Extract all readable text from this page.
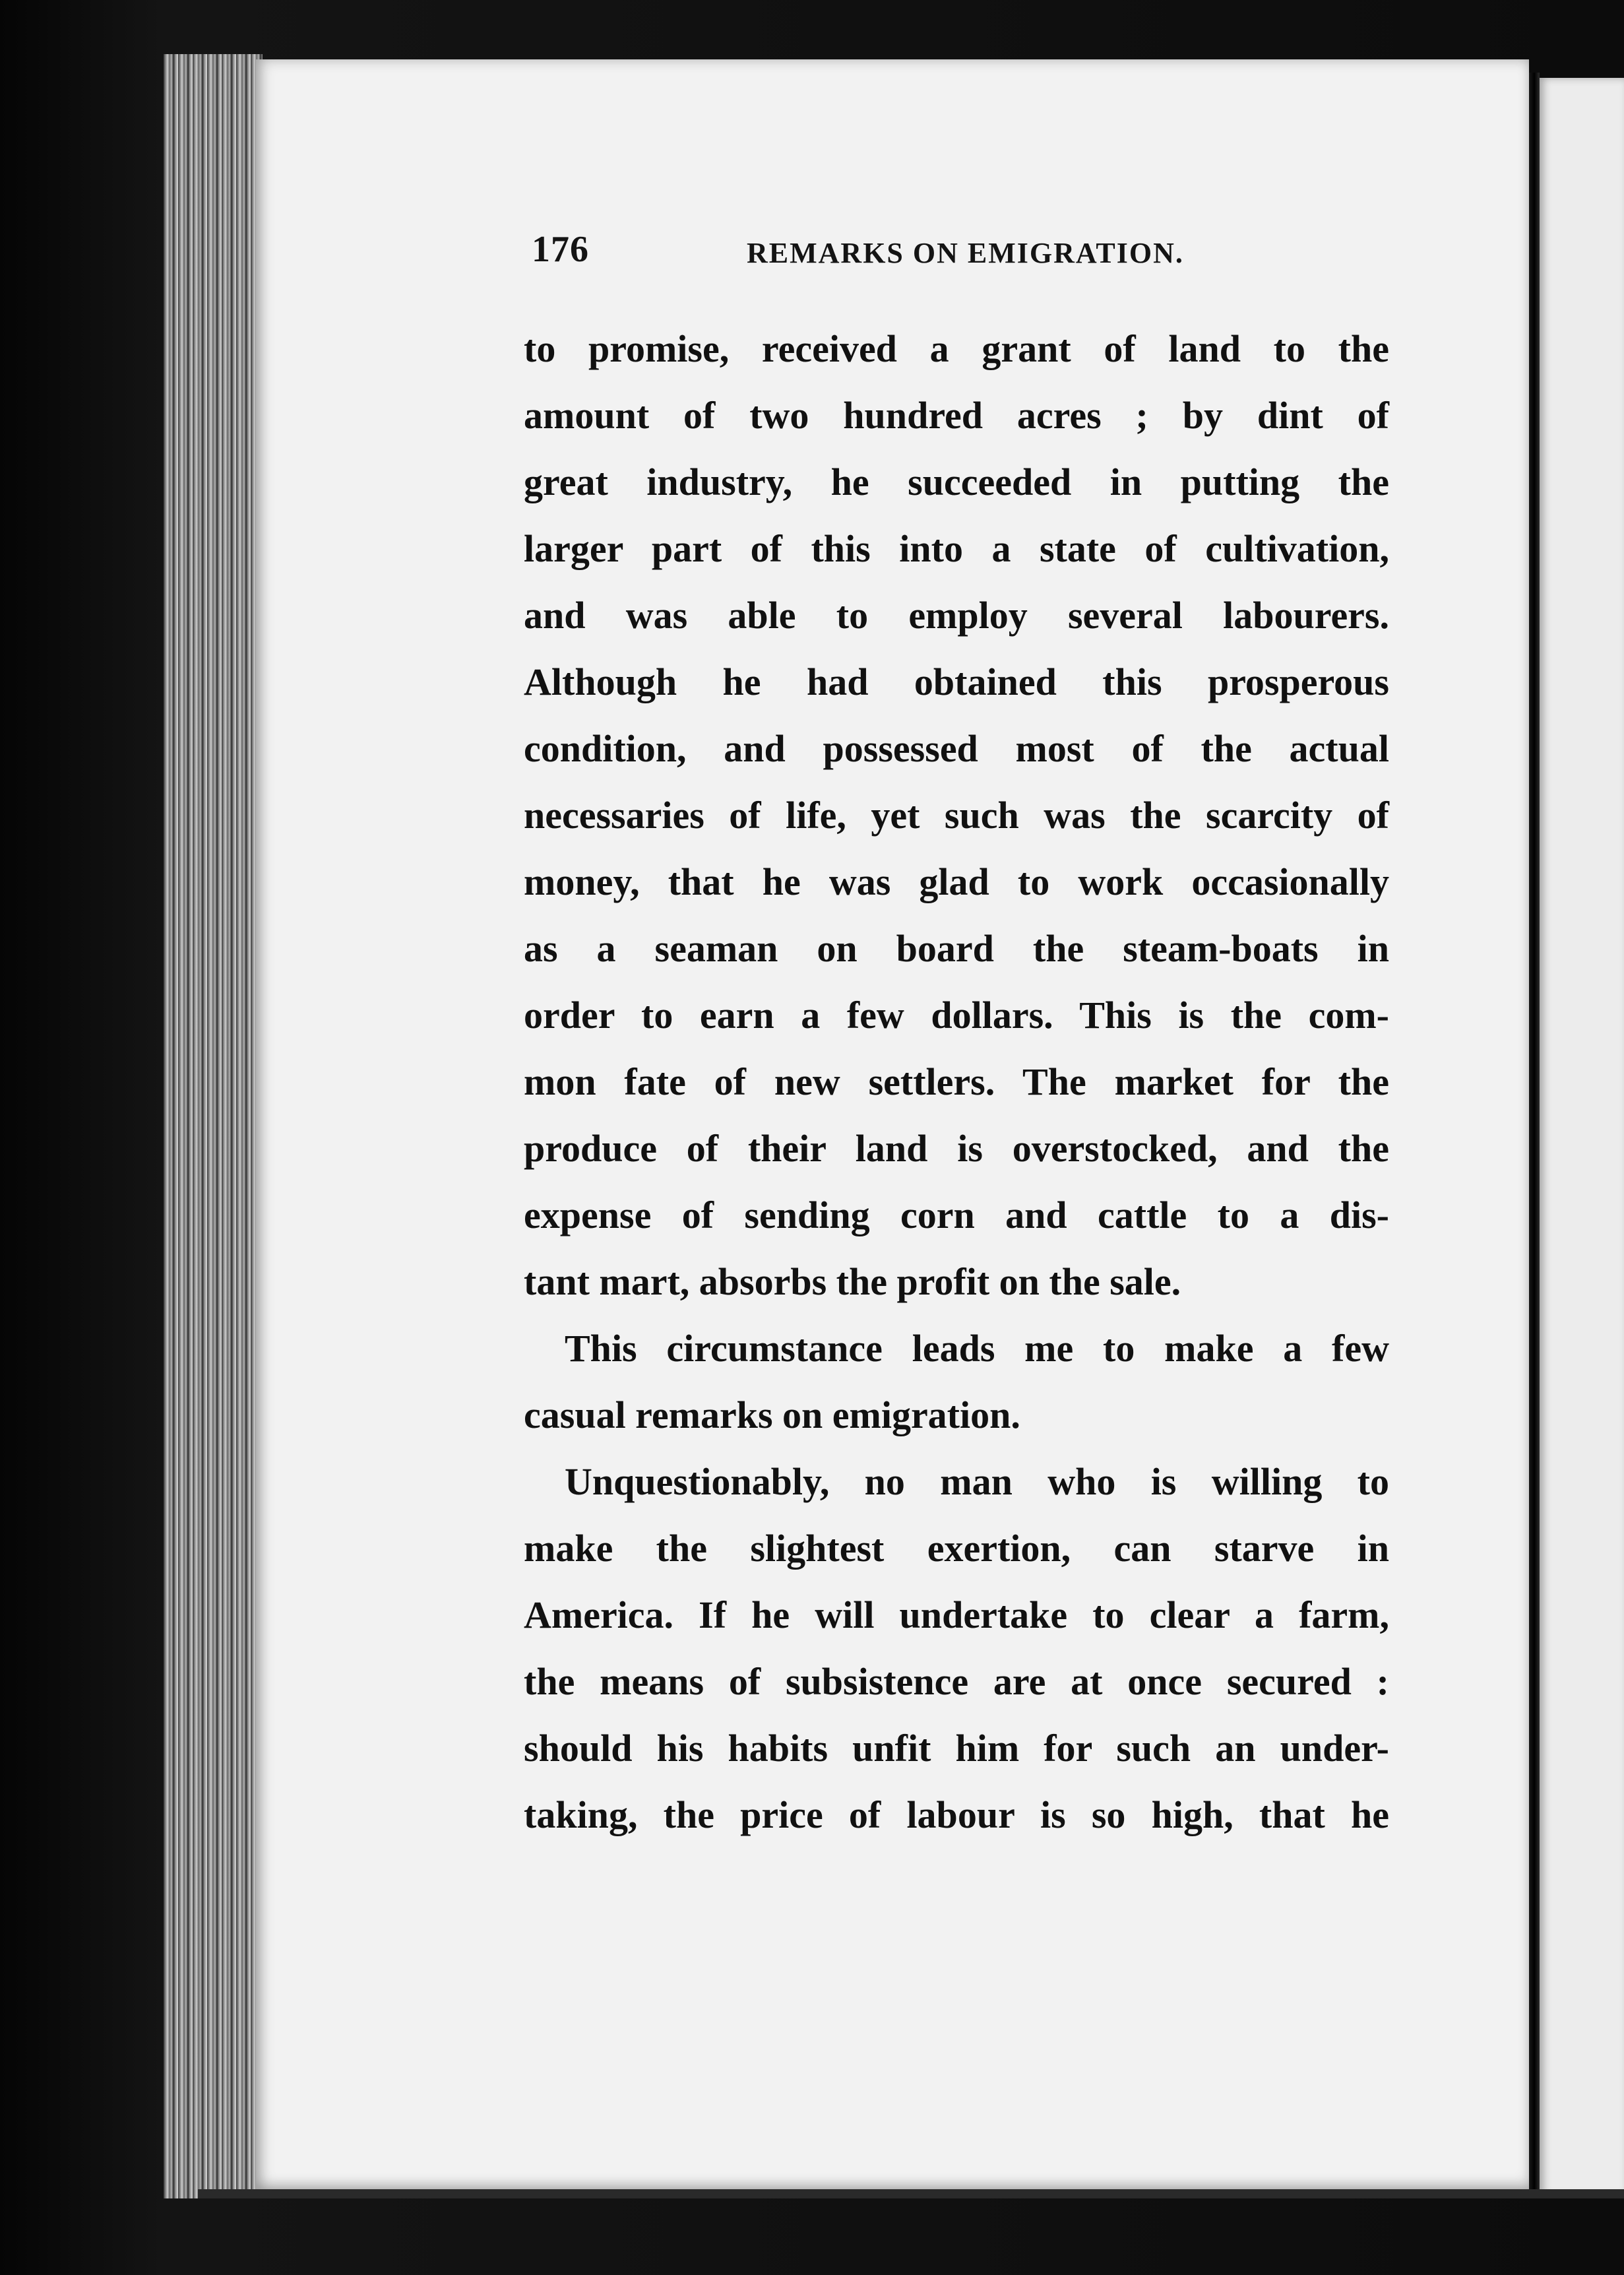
176	REMARKS ON EMIGRATION.
to promise, received a grant of land to the
amount of two hundred acres ; by dint of
great industry, he succeeded in putting the
larger part of this into a state of cultivation,
and was able to employ several labourers.
Although he had obtained this prosperous
condition, and possessed most of the actual
necessaries of life, yet such was the scarcity of
money, that he was glad to work occasionally
as a seaman on board the steam-boats in
order to earn a few dollars. This is the com-
mon fate of new settlers. The market for the
produce of their land is overstocked, and the
expense of sending corn and cattle to a dis-
tant mart, absorbs the profit on the sale.
This circumstance leads me to make a few
casual remarks on emigration.
Unquestionably, no man who is willing to
make the slightest exertion, can starve in
America. If he will undertake to clear a farm,
the means of subsistence are at once secured :
should his habits unfit him for such an under-
taking, the price of labour is so high, that he
